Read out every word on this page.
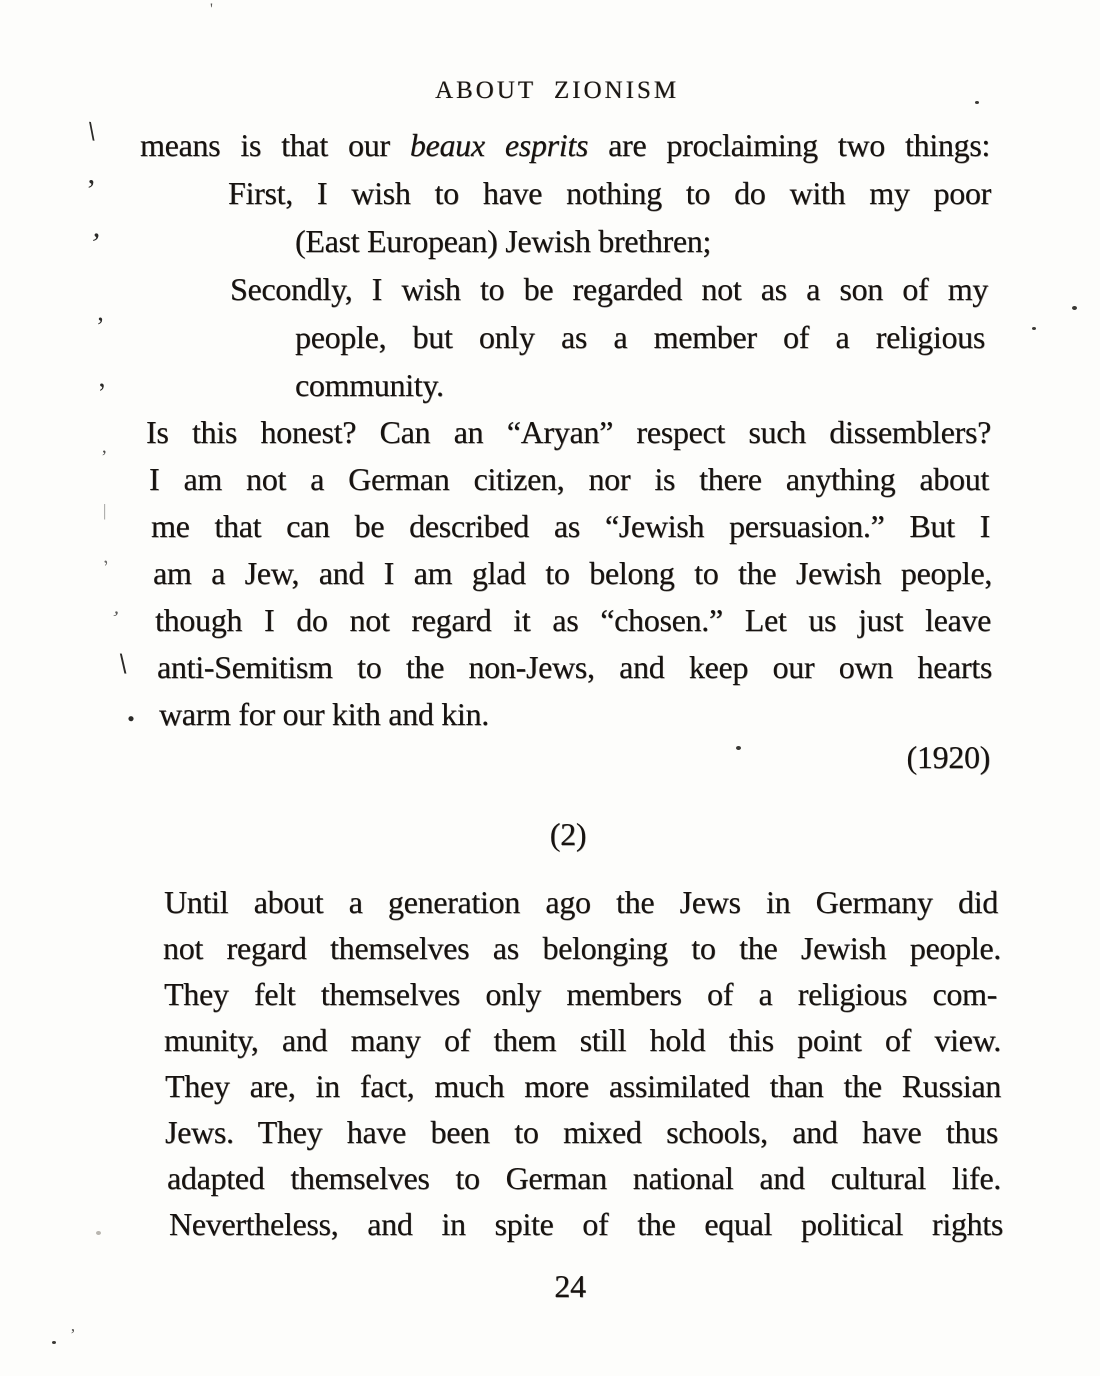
ABOUT ZIONISM
means is that our beaux esprits are proclaiming two things:
First, I wish to have nothing to do with my poor
(East European) Jewish brethren;
Secondly, I wish to be regarded not as a son of my
people, but only as a member of a religious
community.
Is this honest? Can an “Aryan” respect such dissemblers?
I am not a German citizen, nor is there anything about
me that can be described as “Jewish persuasion.” But I
am a Jew, and I am glad to belong to the Jewish people,
though I do not regard it as “chosen.” Let us just leave
anti-Semitism to the non-Jews, and keep our own hearts
warm for our kith and kin.
(1920)
(2)
Until about a generation ago the Jews in Germany did
not regard themselves as belonging to the Jewish people.
They felt themselves only members of a religious com-
munity, and many of them still hold this point of view.
They are, in fact, much more assimilated than the Russian
Jews. They have been to mixed schools, and have thus
adapted themselves to German national and cultural life.
Nevertheless, and in spite of the equal political rights
24
\
’
’
’
’
’
|
’
’
\
.
’
'
